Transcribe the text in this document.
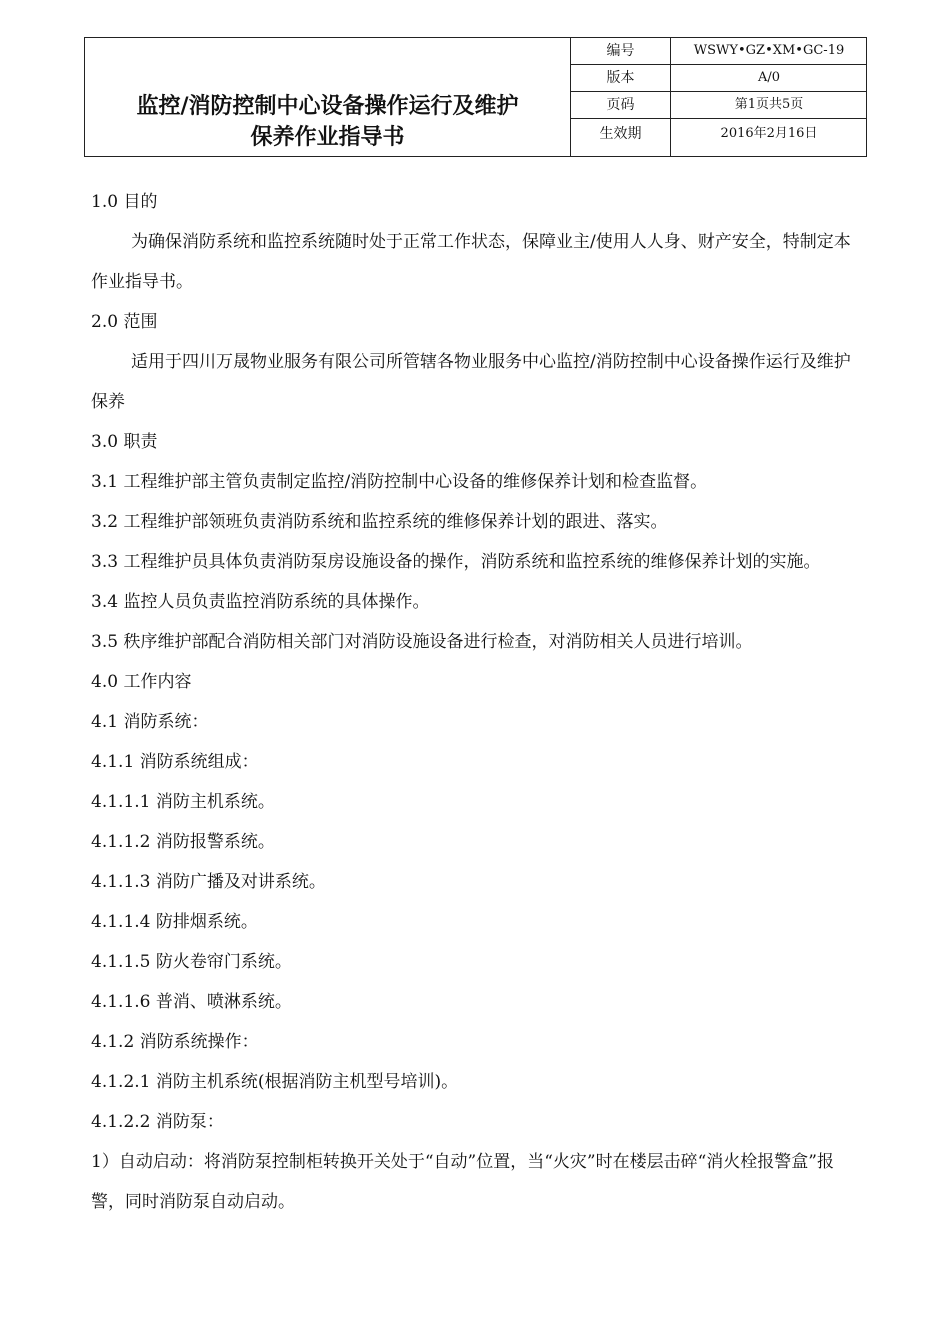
监控/消防控制中心设备操作运行及维护
保养作业指导书
编号	WSWY•GZ•XM•GC-19
版本	A/0
页码	第1页共5页
生效期	2016年2月16日

1.0 目的

为确保消防系统和监控系统随时处于正常工作状态，保障业主/使用人人身、财产安全，特制定本作业指导书。

2.0 范围

适用于四川万晟物业服务有限公司所管辖各物业服务中心监控/消防控制中心设备操作运行及维护保养

3.0 职责

3.1 工程维护部主管负责制定监控/消防控制中心设备的维修保养计划和检查监督。

3.2 工程维护部领班负责消防系统和监控系统的维修保养计划的跟进、落实。

3.3 工程维护员具体负责消防泵房设施设备的操作，消防系统和监控系统的维修保养计划的实施。

3.4 监控人员负责监控消防系统的具体操作。

3.5 秩序维护部配合消防相关部门对消防设施设备进行检查，对消防相关人员进行培训。

4.0 工作内容

4.1 消防系统：

4.1.1 消防系统组成：

4.1.1.1 消防主机系统。

4.1.1.2 消防报警系统。

4.1.1.3 消防广播及对讲系统。

4.1.1.4 防排烟系统。

4.1.1.5 防火卷帘门系统。

4.1.1.6 普消、喷淋系统。

4.1.2 消防系统操作：

4.1.2.1 消防主机系统(根据消防主机型号培训)。

4.1.2.2 消防泵：

1）自动启动：将消防泵控制柜转换开关处于“自动”位置，当“火灾”时在楼层击碎“消火栓报警盒”报警，同时消防泵自动启动。
